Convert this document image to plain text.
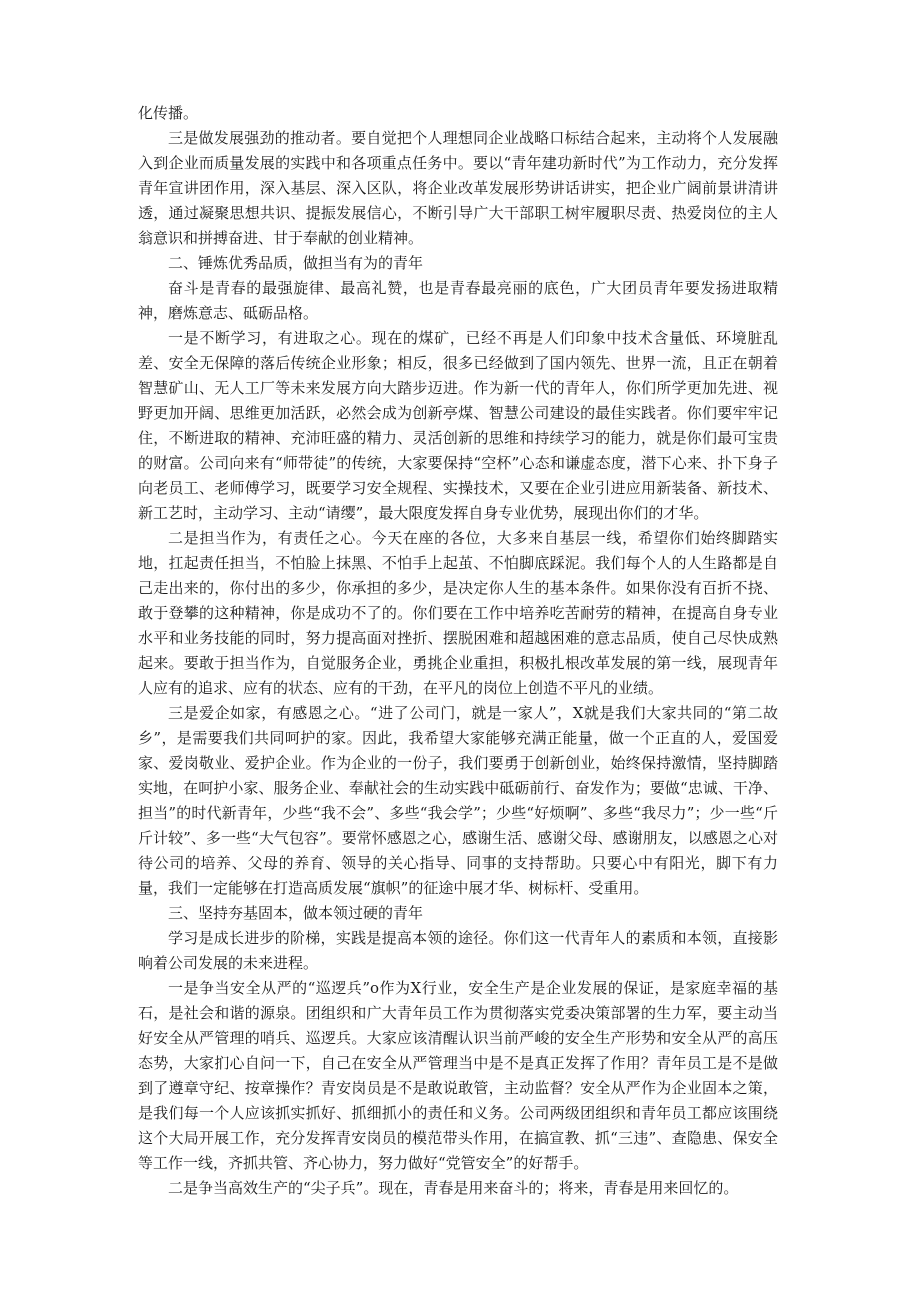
化传播。

三是做发展强劲的推动者。要自觉把个人理想同企业战略口标结合起来，主动将个人发展融入到企业而质量发展的实践中和各项重点任务中。要以“青年建功新时代”为工作动力，充分发挥青年宣讲团作用，深入基层、深入区队，将企业改革发展形势讲话讲实，把企业广阔前景讲清讲透，通过凝聚思想共识、提振发展信心，不断引导广大干部职工树牢履职尽责、热爱岗位的主人翁意识和拼搏奋进、甘于奉献的创业精神。

二、锤炼优秀品质，做担当有为的青年

奋斗是青春的最强旋律、最高礼赞，也是青春最亮丽的底色，广大团员青年要发扬进取精神，磨炼意志、砥砺品格。

一是不断学习，有进取之心。现在的煤矿，已经不再是人们印象中技术含量低、环境脏乱差、安全无保障的落后传统企业形象；相反，很多已经做到了国内领先、世界一流，且正在朝着智慧矿山、无人工厂等未来发展方向大踏步迈进。作为新一代的青年人，你们所学更加先进、视野更加开阔、思维更加活跃，必然会成为创新亭煤、智慧公司建设的最佳实践者。你们要牢牢记住，不断进取的精神、充沛旺盛的精力、灵活创新的思维和持续学习的能力，就是你们最可宝贵的财富。公司向来有“师带徒”的传统，大家要保持“空杯”心态和谦虚态度，潜下心来、扑下身子向老员工、老师傅学习，既要学习安全规程、实操技术，又要在企业引进应用新装备、新技术、新工艺时，主动学习、主动“请缨”，最大限度发挥自身专业优势，展现出你们的才华。

二是担当作为，有责任之心。今天在座的各位，大多来自基层一线，希望你们始终脚踏实地，扛起责任担当，不怕脸上抹黑、不怕手上起茧、不怕脚底踩泥。我们每个人的人生路都是自己走出来的，你付出的多少，你承担的多少，是决定你人生的基本条件。如果你没有百折不挠、敢于登攀的这种精神，你是成功不了的。你们要在工作中培养吃苦耐劳的精神，在提高自身专业水平和业务技能的同时，努力提高面对挫折、摆脱困难和超越困难的意志品质，使自己尽快成熟起来。要敢于担当作为，自觉服务企业，勇挑企业重担，积极扎根改革发展的第一线，展现青年人应有的追求、应有的状态、应有的干劲，在平凡的岗位上创造不平凡的业绩。

三是爱企如家，有感恩之心。“进了公司门，就是一家人”，X就是我们大家共同的“第二故乡”，是需要我们共同呵护的家。因此，我希望大家能够充满正能量，做一个正直的人，爱国爱家、爱岗敬业、爱护企业。作为企业的一份子，我们要勇于创新创业，始终保持激情，坚持脚踏实地，在呵护小家、服务企业、奉献社会的生动实践中砥砺前行、奋发作为；要做“忠诚、干净、担当”的时代新青年，少些“我不会”、多些“我会学”；少些“好烦啊”、多些“我尽力”；少一些“斤斤计较”、多一些“大气包容”。要常怀感恩之心，感谢生活、感谢父母、感谢朋友，以感恩之心对待公司的培养、父母的养育、领导的关心指导、同事的支持帮助。只要心中有阳光，脚下有力量，我们一定能够在打造高质发展“旗帜”的征途中展才华、树标杆、受重用。

三、坚持夯基固本，做本领过硬的青年

学习是成长进步的阶梯，实践是提高本领的途径。你们这一代青年人的素质和本领，直接影响着公司发展的未来进程。

一是争当安全从严的“巡逻兵”o作为X行业，安全生产是企业发展的保证，是家庭幸福的基石，是社会和谐的源泉。团组织和广大青年员工作为贯彻落实党委决策部署的生力军，要主动当好安全从严管理的哨兵、巡逻兵。大家应该清醒认识当前严峻的安全生产形势和安全从严的高压态势，大家扪心自问一下，自己在安全从严管理当中是不是真正发挥了作用？青年员工是不是做到了遵章守纪、按章操作？青安岗员是不是敢说敢管，主动监督？安全从严作为企业固本之策，是我们每一个人应该抓实抓好、抓细抓小的责任和义务。公司两级团组织和青年员工都应该围绕这个大局开展工作，充分发挥青安岗员的模范带头作用，在搞宣教、抓“三违”、查隐患、保安全等工作一线，齐抓共管、齐心协力，努力做好“党管安全”的好帮手。

二是争当高效生产的“尖子兵”。现在，青春是用来奋斗的；将来，青春是用来回忆的。
